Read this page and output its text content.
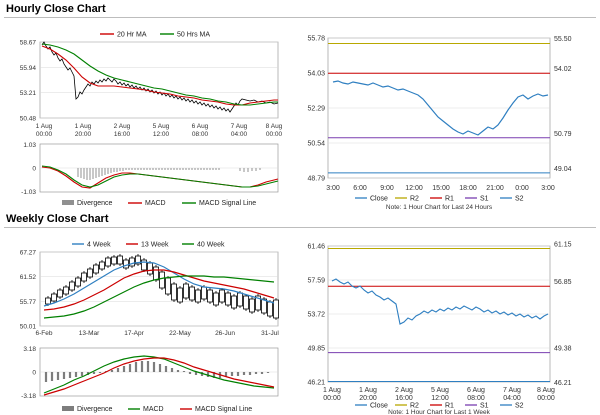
Hourly Close Chart
58.67
55.94
53.21
50.48
20 Hr MA	50 Hrs MA
1 Aug
00:00
1 Aug
20:00
2 Aug
16:00
5 Aug
12:00
6 Aug
08:00
7 Aug
04:00
8 Aug
00:00
1.03
0
-1.03
Divergence	MACD	MACD Signal Line
55.78
54.03
52.29
50.54
48.79
55.50
54.02
50.79
49.04
3:00 6:00 9:00 12:00 15:00 18:00 21:00 0:00 3:00
Close	R2	R1	S1	S2
Note: 1 Hour Chart for Last 24 Hours
Weekly Close Chart
67.27
61.52
55.77
50.01
4 Week	13 Week	40 Week
6-Feb	13-Mar	17-Apr	22-May	26-Jun	31-Jul
3.18
0
-3.18
Divergence	MACD	MACD Signal Line
61.46
57.59
53.72
49.85
46.21
61.15
56.85
49.38
46.21
1 Aug
00:00
1 Aug
20:00
2 Aug
16:00
5 Aug
12:00
6 Aug
08:00
7 Aug
04:00
8 Aug
00:00
Close	R2	R1	S1	S2
Note: 1 Hour Chart for Last 1 Week
